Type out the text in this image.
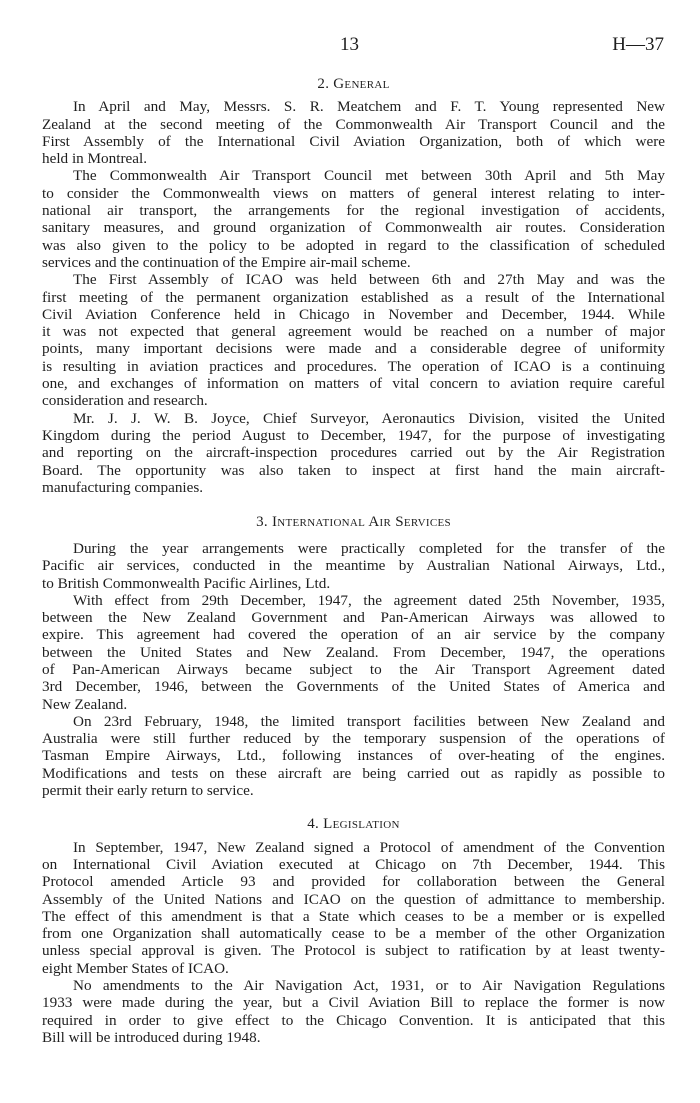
13	H—37
2. General
In April and May, Messrs. S. R. Meatchem and F. T. Young represented New
Zealand at the second meeting of the Commonwealth Air Transport Council and the
First Assembly of the International Civil Aviation Organization, both of which were
held in Montreal.
The Commonwealth Air Transport Council met between 30th April and 5th May
to consider the Commonwealth views on matters of general interest relating to inter-
national air transport, the arrangements for the regional investigation of accidents,
sanitary measures, and ground organization of Commonwealth air routes. Consideration
was also given to the policy to be adopted in regard to the classification of scheduled
services and the continuation of the Empire air-mail scheme.
The First Assembly of ICAO was held between 6th and 27th May and was the
first meeting of the permanent organization established as a result of the International
Civil Aviation Conference held in Chicago in November and December, 1944. While
it was not expected that general agreement would be reached on a number of major
points, many important decisions were made and a considerable degree of uniformity
is resulting in aviation practices and procedures. The operation of ICAO is a continuing
one, and exchanges of information on matters of vital concern to aviation require careful
consideration and research.
Mr. J. J. W. B. Joyce, Chief Surveyor, Aeronautics Division, visited the United
Kingdom during the period August to December, 1947, for the purpose of investigating
and reporting on the aircraft-inspection procedures carried out by the Air Registration
Board. The opportunity was also taken to inspect at first hand the main aircraft-
manufacturing companies.
3. International Air Services
During the year arrangements were practically completed for the transfer of the
Pacific air services, conducted in the meantime by Australian National Airways, Ltd.,
to British Commonwealth Pacific Airlines, Ltd.
With effect from 29th December, 1947, the agreement dated 25th November, 1935,
between the New Zealand Government and Pan-American Airways was allowed to
expire. This agreement had covered the operation of an air service by the company
between the United States and New Zealand. From December, 1947, the operations
of Pan-American Airways became subject to the Air Transport Agreement dated
3rd December, 1946, between the Governments of the United States of America and
New Zealand.
On 23rd February, 1948, the limited transport facilities between New Zealand and
Australia were still further reduced by the temporary suspension of the operations of
Tasman Empire Airways, Ltd., following instances of over-heating of the engines.
Modifications and tests on these aircraft are being carried out as rapidly as possible to
permit their early return to service.
4. Legislation
In September, 1947, New Zealand signed a Protocol of amendment of the Convention
on International Civil Aviation executed at Chicago on 7th December, 1944. This
Protocol amended Article 93 and provided for collaboration between the General
Assembly of the United Nations and ICAO on the question of admittance to membership.
The effect of this amendment is that a State which ceases to be a member or is expelled
from one Organization shall automatically cease to be a member of the other Organization
unless special approval is given. The Protocol is subject to ratification by at least twenty-
eight Member States of ICAO.
No amendments to the Air Navigation Act, 1931, or to Air Navigation Regulations
1933 were made during the year, but a Civil Aviation Bill to replace the former is now
required in order to give effect to the Chicago Convention. It is anticipated that this
Bill will be introduced during 1948.
